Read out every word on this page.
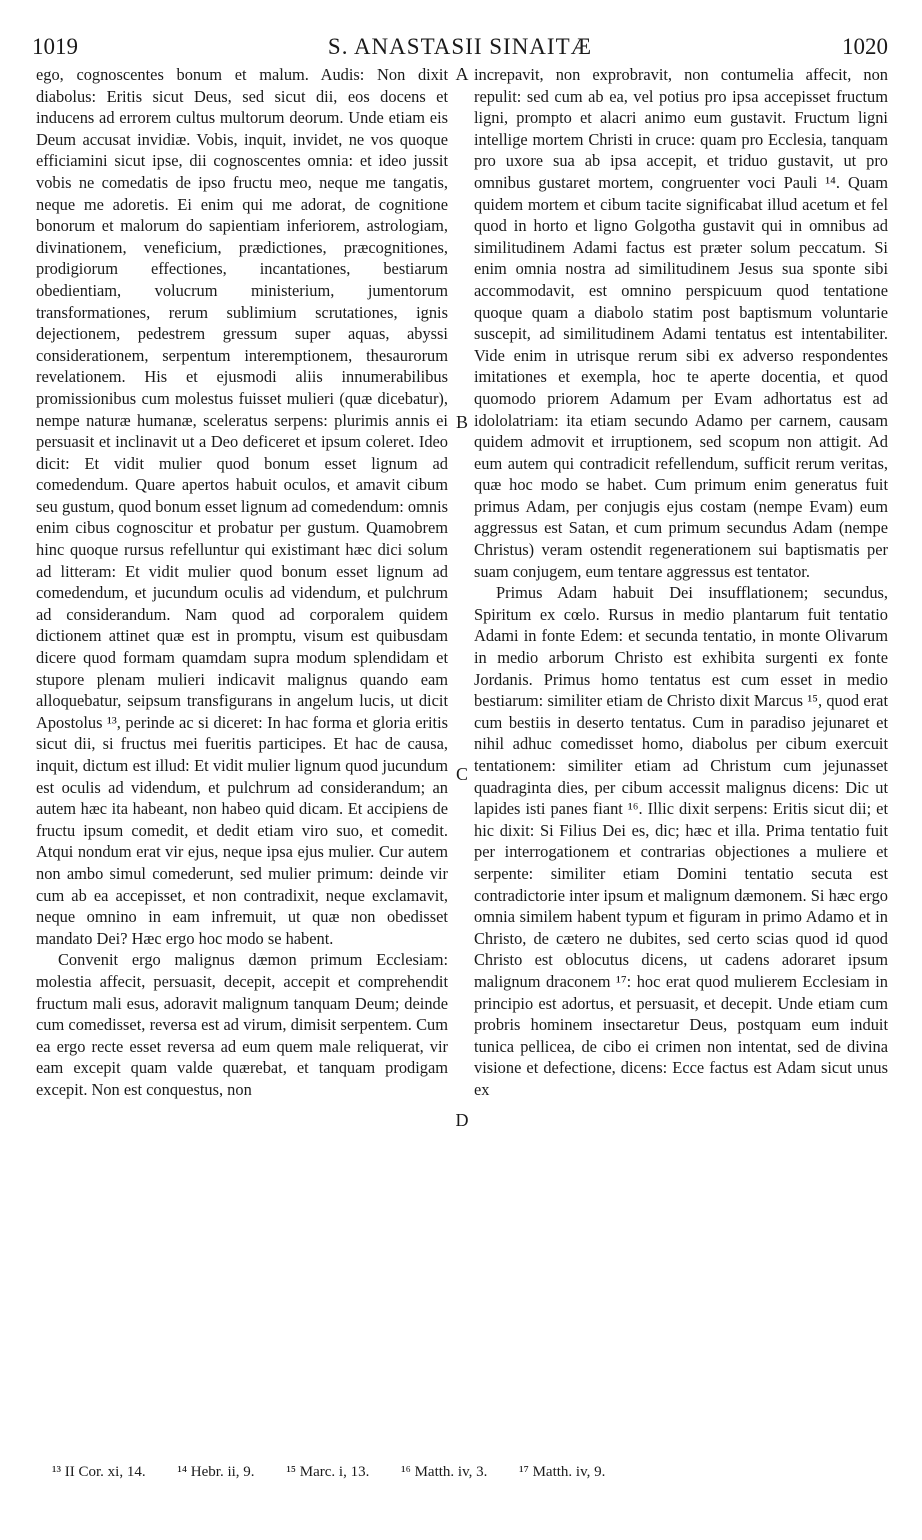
1019	S. ANASTASII SINAITÆ	1020

ego, cognoscentes bonum et malum. Audis: Non dixit diabolus: Eritis sicut Deus, sed sicut dii, eos docens et inducens ad errorem cultus multorum deorum. Unde etiam eis Deum accusat invidiæ. Vobis, inquit, invidet, ne vos quoque efficiamini sicut ipse, dii cognoscentes omnia: et ideo jussit vobis ne comedatis de ipso fructu meo, neque me tangatis, neque me adoretis. Ei enim qui me adorat, de cognitione bonorum et malorum do sapientiam inferiorem, astrologiam, divinationem, veneficium, prædictiones, præcognitiones, prodigiorum effectiones, incantationes, bestiarum obedientiam, volucrum ministerium, jumentorum transformationes, rerum sublimium scrutationes, ignis dejectionem, pedestrem gressum super aquas, abyssi considerationem, serpentum interemptionem, thesaurorum revelationem. His et ejusmodi aliis innumerabilibus promissionibus cum molestus fuisset mulieri (quæ dicebatur), nempe naturæ humanæ, sceleratus serpens: plurimis annis ei persuasit et inclinavit ut a Deo deficeret et ipsum coleret. Ideo dicit: Et vidit mulier quod bonum esset lignum ad comedendum. Quare apertos habuit oculos, et amavit cibum seu gustum, quod bonum esset lignum ad comedendum: omnis enim cibus cognoscitur et probatur per gustum. Quamobrem hinc quoque rursus refelluntur qui existimant hæc dici solum ad litteram: Et vidit mulier quod bonum esset lignum ad comedendum, et jucundum oculis ad videndum, et pulchrum ad considerandum. Nam quod ad corporalem quidem dictionem attinet quæ est in promptu, visum est quibusdam dicere quod formam quamdam supra modum splendidam et stupore plenam mulieri indicavit malignus quando eam alloquebatur, seipsum transfigurans in angelum lucis, ut dicit Apostolus ¹³, perinde ac si diceret: In hac forma et gloria eritis sicut dii, si fructus mei fueritis participes. Et hac de causa, inquit, dictum est illud: Et vidit mulier lignum quod jucundum est oculis ad videndum, et pulchrum ad considerandum; an autem hæc ita habeant, non habeo quid dicam. Et accipiens de fructu ipsum comedit, et dedit etiam viro suo, et comedit. Atqui nondum erat vir ejus, neque ipsa ejus mulier. Cur autem non ambo simul comederunt, sed mulier primum: deinde vir cum ab ea accepisset, et non contradixit, neque exclamavit, neque omnino in eam infremuit, ut quæ non obedisset mandato Dei? Hæc ergo hoc modo se habent.

Convenit ergo malignus dæmon primum Ecclesiam: molestia affecit, persuasit, decepit, accepit et comprehendit fructum mali esus, adoravit malignum tanquam Deum; deinde cum comedisset, reversa est ad virum, dimisit serpentem. Cum ea ergo recte esset reversa ad eum quem male reliquerat, vir eam excepit quam valde quærebat, et tanquam prodigam excepit. Non est conquestus, non

A
B
C
D

increpavit, non exprobravit, non contumelia affecit, non repulit: sed cum ab ea, vel potius pro ipsa accepisset fructum ligni, prompto et alacri animo eum gustavit. Fructum ligni intellige mortem Christi in cruce: quam pro Ecclesia, tanquam pro uxore sua ab ipsa accepit, et triduo gustavit, ut pro omnibus gustaret mortem, congruenter voci Pauli ¹⁴. Quam quidem mortem et cibum tacite significabat illud acetum et fel quod in horto et ligno Golgotha gustavit qui in omnibus ad similitudinem Adami factus est præter solum peccatum. Si enim omnia nostra ad similitudinem Jesus sua sponte sibi accommodavit, est omnino perspicuum quod tentatione quoque quam a diabolo statim post baptismum voluntarie suscepit, ad similitudinem Adami tentatus est intentabiliter. Vide enim in utrisque rerum sibi ex adverso respondentes imitationes et exempla, hoc te aperte docentia, et quod quomodo priorem Adamum per Evam adhortatus est ad idololatriam: ita etiam secundo Adamo per carnem, causam quidem admovit et irruptionem, sed scopum non attigit. Ad eum autem qui contradicit refellendum, sufficit rerum veritas, quæ hoc modo se habet. Cum primum enim generatus fuit primus Adam, per conjugis ejus costam (nempe Evam) eum aggressus est Satan, et cum primum secundus Adam (nempe Christus) veram ostendit regenerationem sui baptismatis per suam conjugem, eum tentare aggressus est tentator.

Primus Adam habuit Dei insufflationem; secundus, Spiritum ex cœlo. Rursus in medio plantarum fuit tentatio Adami in fonte Edem: et secunda tentatio, in monte Olivarum in medio arborum Christo est exhibita surgenti ex fonte Jordanis. Primus homo tentatus est cum esset in medio bestiarum: similiter etiam de Christo dixit Marcus ¹⁵, quod erat cum bestiis in deserto tentatus. Cum in paradiso jejunaret et nihil adhuc comedisset homo, diabolus per cibum exercuit tentationem: similiter etiam ad Christum cum jejunasset quadraginta dies, per cibum accessit malignus dicens: Dic ut lapides isti panes fiant ¹⁶. Illic dixit serpens: Eritis sicut dii; et hic dixit: Si Filius Dei es, dic; hæc et illa. Prima tentatio fuit per interrogationem et contrarias objectiones a muliere et serpente: similiter etiam Domini tentatio secuta est contradictorie inter ipsum et malignum dæmonem. Si hæc ergo omnia similem habent typum et figuram in primo Adamo et in Christo, de cætero ne dubites, sed certo scias quod id quod Christo est oblocutus dicens, ut cadens adoraret ipsum malignum draconem ¹⁷: hoc erat quod mulierem Ecclesiam in principio est adortus, et persuasit, et decepit. Unde etiam cum probris hominem insectaretur Deus, postquam eum induit tunica pellicea, de cibo ei crimen non intentat, sed de divina visione et defectione, dicens: Ecce factus est Adam sicut unus ex

¹³ II Cor. xi, 14. ¹⁴ Hebr. ii, 9. ¹⁵ Marc. i, 13. ¹⁶ Matth. iv, 3. ¹⁷ Matth. iv, 9.
